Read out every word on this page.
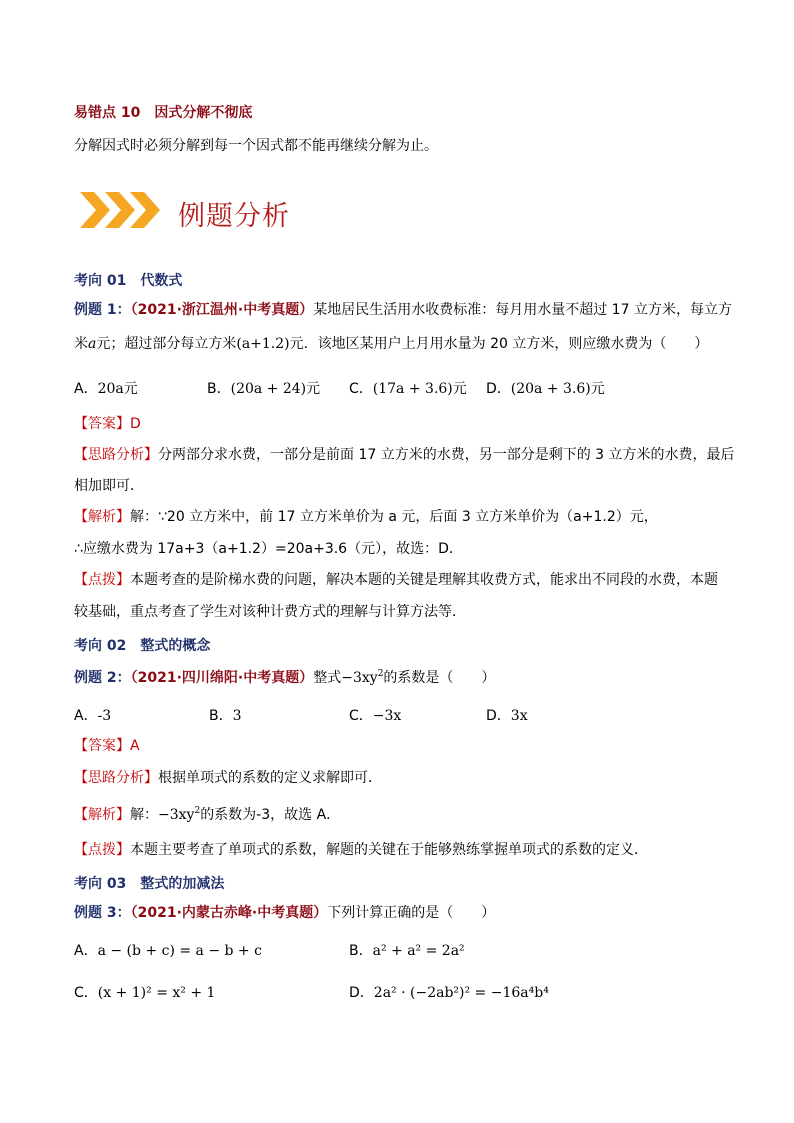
易错点 10　因式分解不彻底
分解因式时必须分解到每一个因式都不能再继续分解为止。
例题分析
考向 01　代数式
例题 1：（2021·浙江温州·中考真题）某地居民生活用水收费标准：每月用水量不超过 17 立方米，每立方
米a元；超过部分每立方米(a+1.2)元．该地区某用户上月用水量为 20 立方米，则应缴水费为（　　）
A．20a元	B．(20a + 24)元 C．(17a + 3.6)元 D．(20a + 3.6)元
【答案】D
【思路分析】分两部分求水费，一部分是前面 17 立方米的水费，另一部分是剩下的 3 立方米的水费，最后
相加即可．
【解析】解：∵20 立方米中，前 17 立方米单价为 a 元，后面 3 立方米单价为（a+1.2）元，
∴应缴水费为 17a+3（a+1.2）=20a+3.6（元），故选：D．
【点拨】本题考查的是阶梯水费的问题，解决本题的关键是理解其收费方式，能求出不同段的水费，本题
较基础，重点考查了学生对该种计费方式的理解与计算方法等．
考向 02　整式的概念
例题 2：（2021·四川绵阳·中考真题）整式$-3xy^2$的系数是（　　）
A．-3	B．3	C．−3x	D．3x
【答案】A
【思路分析】根据单项式的系数的定义求解即可．
【解析】解：$-3xy^2$的系数为-3，故选 A．
【点拨】本题主要考查了单项式的系数，解题的关键在于能够熟练掌握单项式的系数的定义．
考向 03　整式的加减法
例题 3：（2021·内蒙古赤峰·中考真题）下列计算正确的是（　　）
A．a − (b + c) = a − b + c	B．a² + a² = 2a²
C．(x + 1)² = x² + 1	D．2a² · (−2ab²)² = −16a⁴b⁴
